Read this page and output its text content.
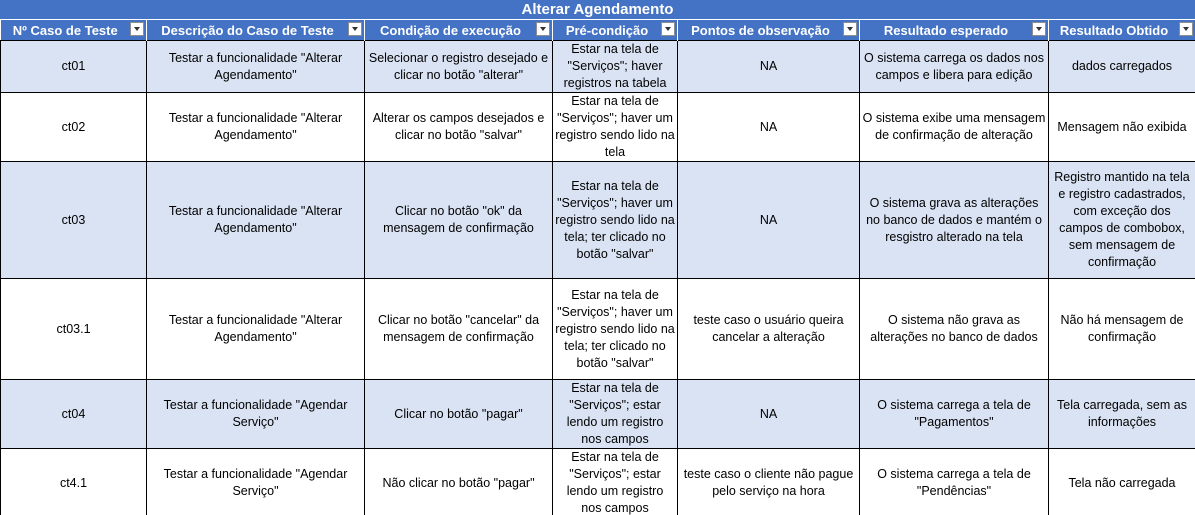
Alterar Agendamento
Nº Caso de Teste	Descrição do Caso de Teste	Condição de execução	Pré-condição	Pontos de observação	Resultado esperado	Resultado Obtido

ct01	Testar a funcionalidade "Alterar Agendamento"	Selecionar o registro desejado e clicar no botão "alterar"	Estar na tela de "Serviços"; haver registros na tabela	NA	O sistema carrega os dados nos campos e libera para edição	dados carregados
ct02	Testar a funcionalidade "Alterar Agendamento"	Alterar os campos desejados e clicar no botão "salvar"	Estar na tela de "Serviços"; haver um registro sendo lido na tela	NA	O sistema exibe uma mensagem de confirmação de alteração	Mensagem não exibida
ct03	Testar a funcionalidade "Alterar Agendamento"	Clicar no botão "ok" da mensagem de confirmação	Estar na tela de "Serviços"; haver um registro sendo lido na tela; ter clicado no botão "salvar"	NA	O sistema grava as alterações no banco de dados e mantém o resgistro alterado na tela	Registro mantido na tela e registro cadastrados, com exceção dos campos de combobox, sem mensagem de confirmação
ct03.1	Testar a funcionalidade "Alterar Agendamento"	Clicar no botão "cancelar" da mensagem de confirmação	Estar na tela de "Serviços"; haver um registro sendo lido na tela; ter clicado no botão "salvar"	teste caso o usuário queira cancelar a alteração	O sistema não grava as alterações no banco de dados	Não há mensagem de confirmação
ct04	Testar a funcionalidade "Agendar Serviço"	Clicar no botão "pagar"	Estar na tela de "Serviços"; estar lendo um registro nos campos	NA	O sistema carrega a tela de "Pagamentos"	Tela carregada, sem as informações
ct4.1	Testar a funcionalidade "Agendar Serviço"	Não clicar no botão "pagar"	Estar na tela de "Serviços"; estar lendo um registro nos campos	teste caso o cliente não pague pelo serviço na hora	O sistema carrega a tela de "Pendências"	Tela não carregada
